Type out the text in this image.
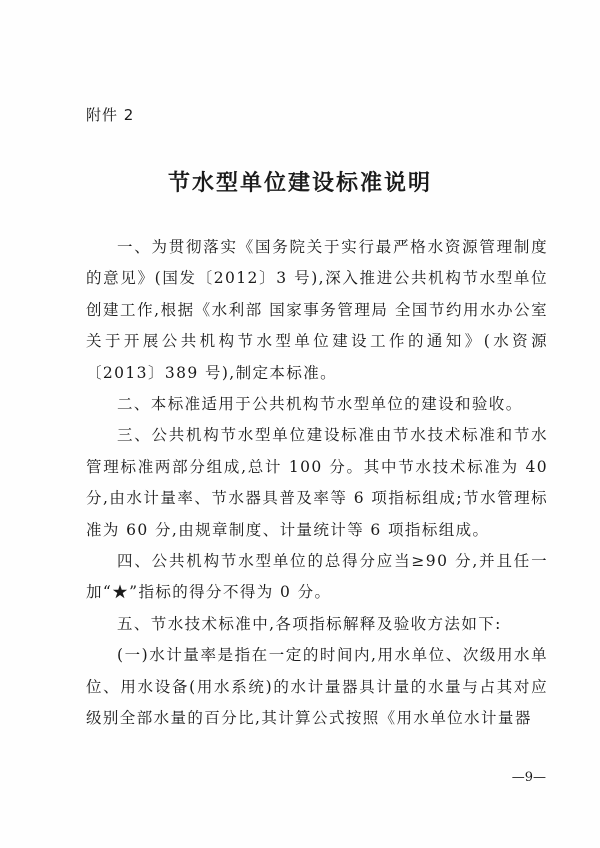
附件 2
节水型单位建设标准说明

一、为贯彻落实《国务院关于实行最严格水资源管理制度的意见》(国发〔2012〕3 号),深入推进公共机构节水型单位创建工作,根据《水利部 国家事务管理局 全国节约用水办公室关于开展公共机构节水型单位建设工作的通知》(水资源〔2013〕389 号),制定本标准。

二、本标准适用于公共机构节水型单位的建设和验收。

三、公共机构节水型单位建设标准由节水技术标准和节水管理标准两部分组成,总计 100 分。其中节水技术标准为 40 分,由水计量率、节水器具普及率等 6 项指标组成;节水管理标准为 60 分,由规章制度、计量统计等 6 项指标组成。

四、公共机构节水型单位的总得分应当≥90 分,并且任一加“★”指标的得分不得为 0 分。

五、节水技术标准中,各项指标解释及验收方法如下:

(一)水计量率是指在一定的时间内,用水单位、次级用水单位、用水设备(用水系统)的水计量器具计量的水量与占其对应级别全部水量的百分比,其计算公式按照《用水单位水计量器

—9—
